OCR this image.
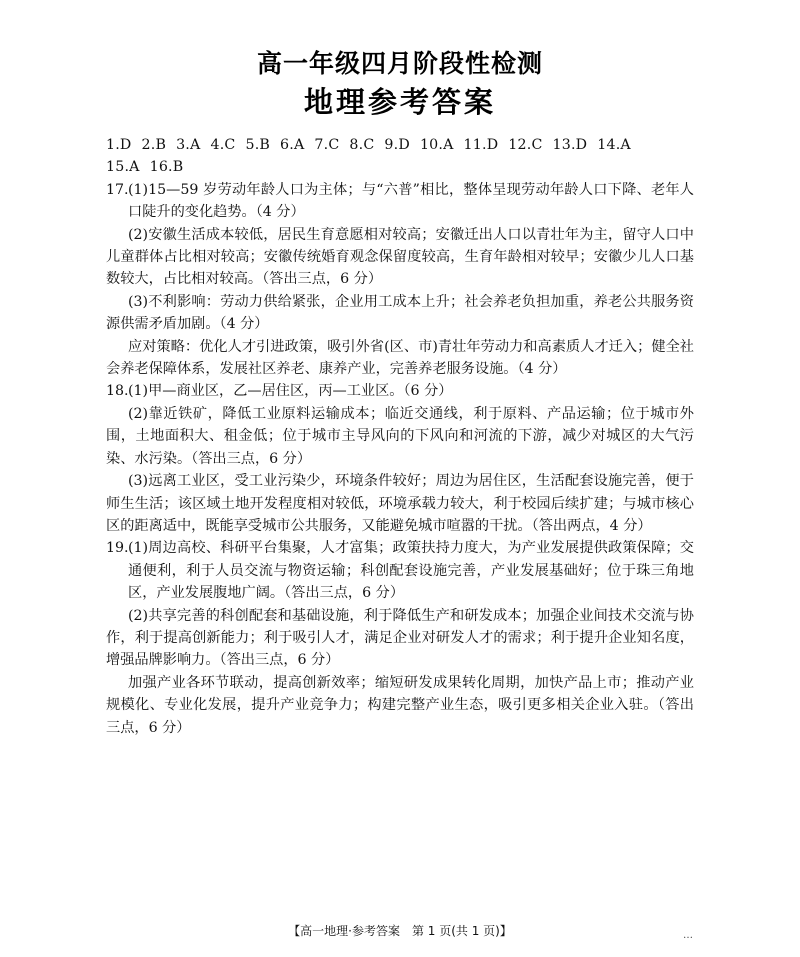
高一年级四月阶段性检测
地理参考答案
1.D 2.B 3.A 4.C 5.B 6.A 7.C 8.C 9.D 10.A 11.D 12.C 13.D 14.A
15.A 16.B
17. (1)15—59 岁劳动年龄人口为主体；与“六普”相比，整体呈现劳动年龄人口下降、老年人口陡升的变化趋势。（4 分）
(2)安徽生活成本较低，居民生育意愿相对较高；安徽迁出人口以青壮年为主，留守人口中儿童群体占比相对较高；安徽传统婚育观念保留度较高，生育年龄相对较早；安徽少儿人口基数较大，占比相对较高。（答出三点，6 分）
(3)不利影响：劳动力供给紧张，企业用工成本上升；社会养老负担加重，养老公共服务资源供需矛盾加剧。（4 分）
应对策略：优化人才引进政策，吸引外省(区、市)青壮年劳动力和高素质人才迁入；健全社会养老保障体系，发展社区养老、康养产业，完善养老服务设施。（4 分）
18. (1)甲—商业区，乙—居住区，丙—工业区。（6 分）
(2)靠近铁矿，降低工业原料运输成本；临近交通线，利于原料、产品运输；位于城市外围，土地面积大、租金低；位于城市主导风向的下风向和河流的下游，减少对城区的大气污染、水污染。（答出三点，6 分）
(3)远离工业区，受工业污染少，环境条件较好；周边为居住区，生活配套设施完善，便于师生生活；该区域土地开发程度相对较低，环境承载力较大，利于校园后续扩建；与城市核心区的距离适中，既能享受城市公共服务，又能避免城市喧嚣的干扰。（答出两点，4 分）
19. (1)周边高校、科研平台集聚，人才富集；政策扶持力度大，为产业发展提供政策保障；交通便利，利于人员交流与物资运输；科创配套设施完善，产业发展基础好；位于珠三角地区，产业发展腹地广阔。（答出三点，6 分）
(2)共享完善的科创配套和基础设施，利于降低生产和研发成本；加强企业间技术交流与协作，利于提高创新能力；利于吸引人才，满足企业对研发人才的需求；利于提升企业知名度，增强品牌影响力。（答出三点，6 分）
加强产业各环节联动，提高创新效率；缩短研发成果转化周期，加快产品上市；推动产业规模化、专业化发展，提升产业竞争力；构建完整产业生态，吸引更多相关企业入驻。（答出三点，6 分）
【高一地理·参考答案　第 1 页(共 1 页)】	…
